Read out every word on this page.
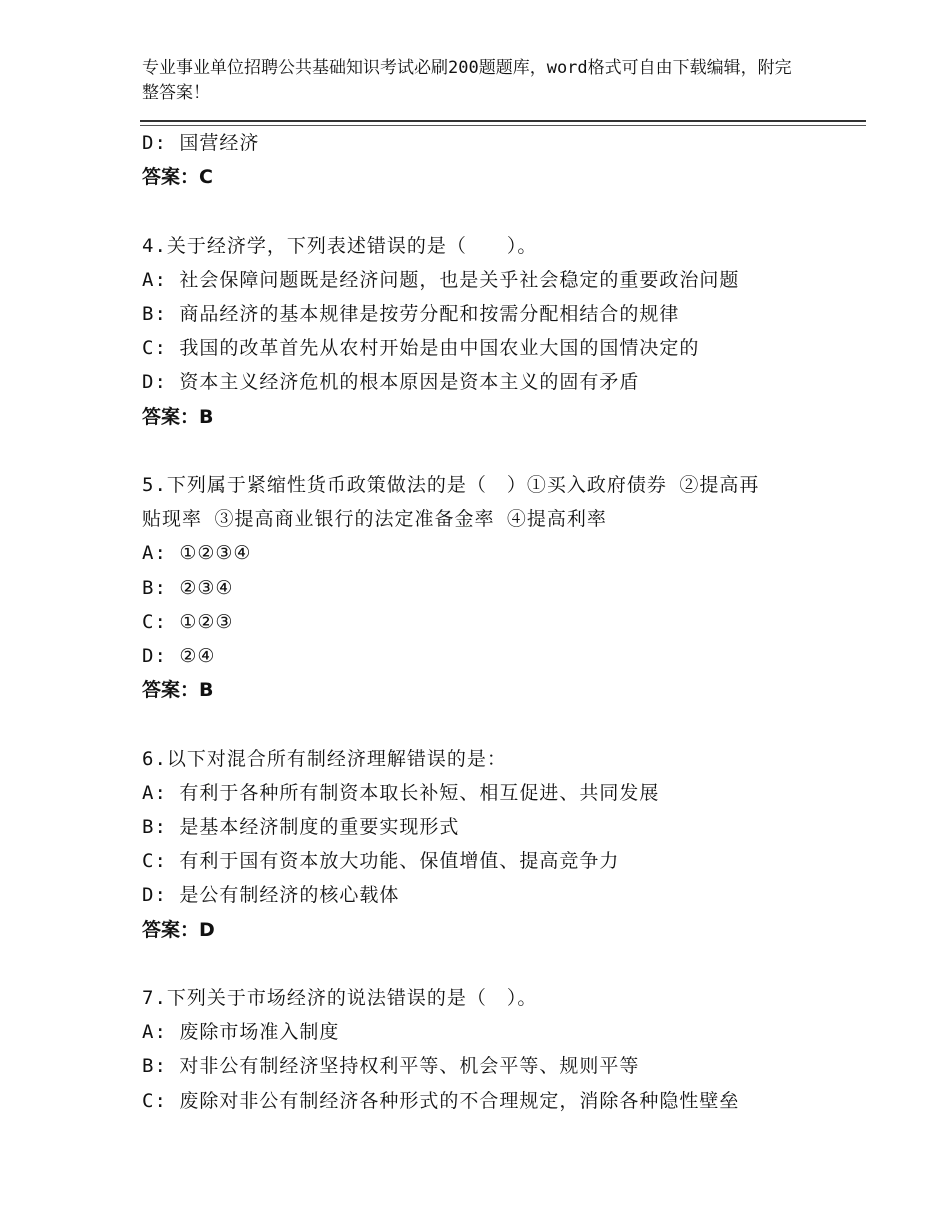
专业事业单位招聘公共基础知识考试必刷200题题库，word格式可自由下载编辑，附完整答案！
D: 国营经济
答案：C
4.关于经济学，下列表述错误的是（　　）。
A: 社会保障问题既是经济问题，也是关乎社会稳定的重要政治问题
B: 商品经济的基本规律是按劳分配和按需分配相结合的规律
C: 我国的改革首先从农村开始是由中国农业大国的国情决定的
D: 资本主义经济危机的根本原因是资本主义的固有矛盾
答案：B
5.下列属于紧缩性货币政策做法的是（　）①买入政府债券 ②提高再
贴现率 ③提高商业银行的法定准备金率 ④提高利率
A: ①②③④
B: ②③④
C: ①②③
D: ②④
答案：B
6.以下对混合所有制经济理解错误的是：
A: 有利于各种所有制资本取长补短、相互促进、共同发展
B: 是基本经济制度的重要实现形式
C: 有利于国有资本放大功能、保值增值、提高竞争力
D: 是公有制经济的核心载体
答案：D
7.下列关于市场经济的说法错误的是（　）。
A: 废除市场准入制度
B: 对非公有制经济坚持权利平等、机会平等、规则平等
C: 废除对非公有制经济各种形式的不合理规定，消除各种隐性壁垒
